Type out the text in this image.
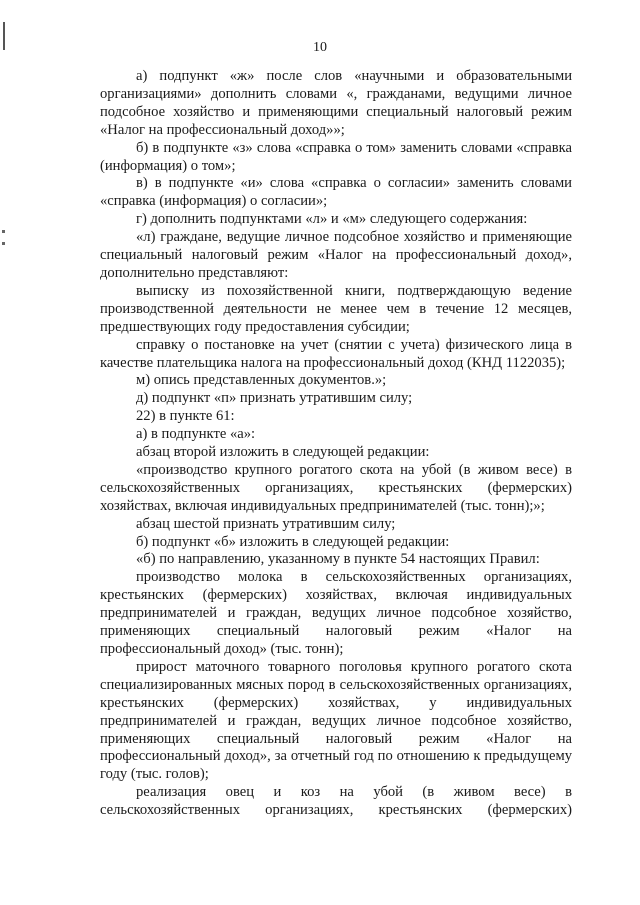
10

а) подпункт «ж» после слов «научными и образовательными организациями» дополнить словами «, гражданами, ведущими личное подсобное хозяйство и применяющими специальный налоговый режим «Налог на профессиональный доход»»;

б) в подпункте «з» слова «справка о том» заменить словами «справка (информация) о том»;

в) в подпункте «и» слова «справка о согласии» заменить словами «справка (информация) о согласии»;

г) дополнить подпунктами «л» и «м» следующего содержания:

«л) граждане, ведущие личное подсобное хозяйство и применяющие специальный налоговый режим «Налог на профессиональный доход», дополнительно представляют:

выписку из похозяйственной книги, подтверждающую ведение производственной деятельности не менее чем в течение 12 месяцев, предшествующих году предоставления субсидии;

справку о постановке на учет (снятии с учета) физического лица в качестве плательщика налога на профессиональный доход (КНД 1122035);

м) опись представленных документов.»;

д) подпункт «п» признать утратившим силу;

22) в пункте 61:

а) в подпункте «а»:

абзац второй изложить в следующей редакции:

«производство крупного рогатого скота на убой (в живом весе) в сельскохозяйственных организациях, крестьянских (фермерских) хозяйствах, включая индивидуальных предпринимателей (тыс. тонн);»;

абзац шестой признать утратившим силу;

б) подпункт «б» изложить в следующей редакции:

«б) по направлению, указанному в пункте 54 настоящих Правил:

производство молока в сельскохозяйственных организациях, крестьянских (фермерских) хозяйствах, включая индивидуальных предпринимателей и граждан, ведущих личное подсобное хозяйство, применяющих специальный налоговый режим «Налог на профессиональный доход» (тыс. тонн);

прирост маточного товарного поголовья крупного рогатого скота специализированных мясных пород в сельскохозяйственных организациях, крестьянских (фермерских) хозяйствах, у индивидуальных предпринимателей и граждан, ведущих личное подсобное хозяйство, применяющих специальный налоговый режим «Налог на профессиональный доход», за отчетный год по отношению к предыдущему году (тыс. голов);

реализация овец и коз на убой (в живом весе) в сельскохозяйственных организациях, крестьянских (фермерских)
